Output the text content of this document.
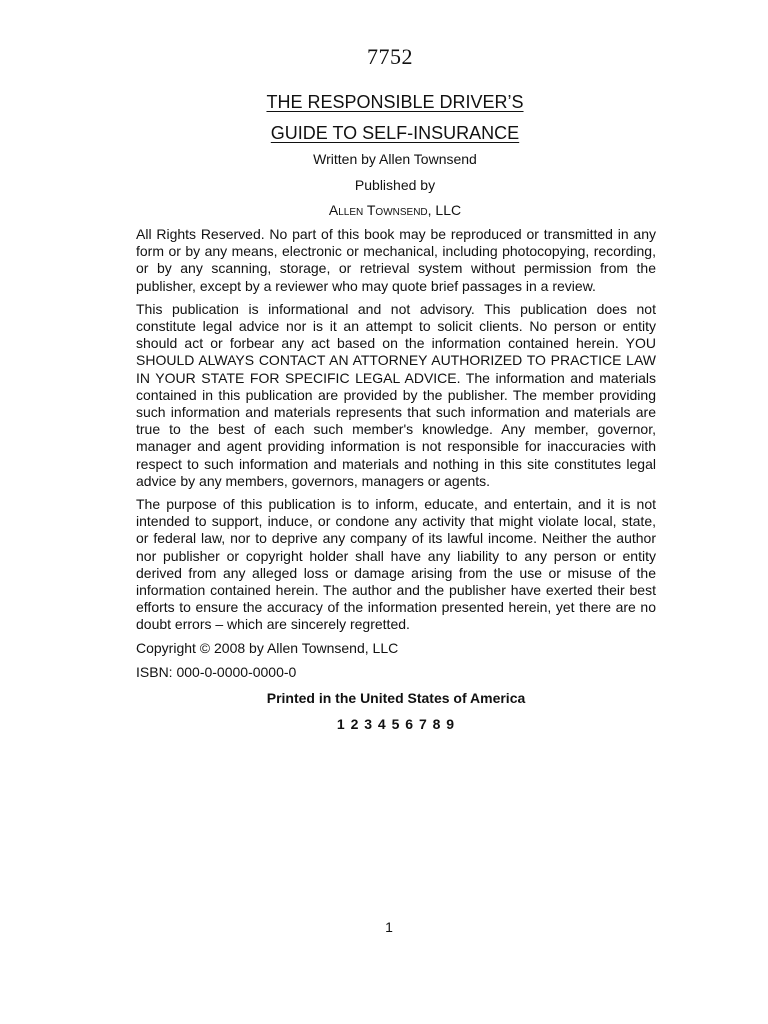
7752
THE RESPONSIBLE DRIVER’S
GUIDE TO SELF-INSURANCE
Written by Allen Townsend
Published by
Allen Townsend, LLC

All Rights Reserved. No part of this book may be reproduced or transmitted in any form or by any means, electronic or mechanical, including photocopying, recording, or by any scanning, storage, or retrieval system without permission from the publisher, except by a reviewer who may quote brief passages in a review.

This publication is informational and not advisory. This publication does not constitute legal advice nor is it an attempt to solicit clients. No person or entity should act or forbear any act based on the information contained herein. YOU SHOULD ALWAYS CONTACT AN ATTORNEY AUTHORIZED TO PRACTICE LAW IN YOUR STATE FOR SPECIFIC LEGAL ADVICE. The information and materials contained in this publication are provided by the publisher. The member providing such information and materials represents that such information and materials are true to the best of each such member's knowledge. Any member, governor, manager and agent providing information is not responsible for inaccuracies with respect to such information and materials and nothing in this site constitutes legal advice by any members, governors, managers or agents.

The purpose of this publication is to inform, educate, and entertain, and it is not intended to support, induce, or condone any activity that might violate local, state, or federal law, nor to deprive any company of its lawful income. Neither the author nor publisher or copyright holder shall have any liability to any person or entity derived from any alleged loss or damage arising from the use or misuse of the information contained herein. The author and the publisher have exerted their best efforts to ensure the accuracy of the information presented herein, yet there are no doubt errors – which are sincerely regretted.

Copyright © 2008 by Allen Townsend, LLC

ISBN: 000-0-0000-0000-0

Printed in the United States of America

1 2 3 4 5 6 7 8 9

1
